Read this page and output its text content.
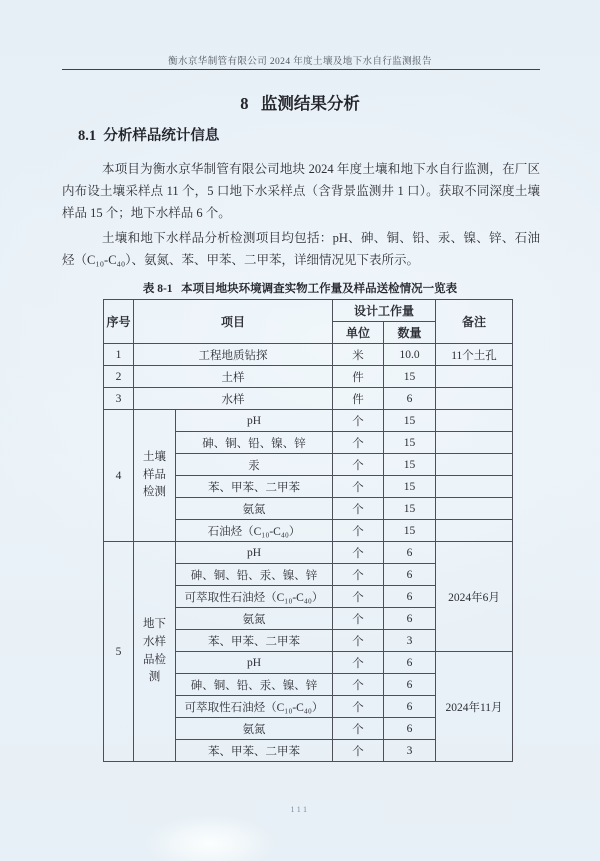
衡水京华制管有限公司 2024 年度土壤及地下水自行监测报告
8   监测结果分析
8.1  分析样品统计信息

本项目为衡水京华制管有限公司地块 2024 年度土壤和地下水自行监测，在厂区内布设土壤采样点 11 个，5 口地下水采样点（含背景监测井 1 口）。获取不同深度土壤样品 15 个；地下水样品 6 个。

土壤和地下水样品分析检测项目均包括：pH、砷、铜、铅、汞、镍、锌、石油烃（C₁₀-C₄₀）、氨氮、苯、甲苯、二甲苯，详细情况见下表所示。

表 8-1   本项目地块环境调查实物工作量及样品送检情况一览表
序号	项目		设计工作量		备注
			单位	数量	
1	工程地质钻探		米	10.0	11个土孔
2	土样		件	15	
3	水样		件	6	
4	土壤样品检测	pH	个	15	
		砷、铜、铅、镍、锌	个	15	
		汞	个	15	
		苯、甲苯、二甲苯	个	15	
		氨氮	个	15	
		石油烃（C₁₀-C₄₀）	个	15	
5	地下水样品检测	pH	个	6	2024年6月
		砷、铜、铅、汞、镍、锌	个	6	
		可萃取性石油烃（C₁₀-C₄₀）	个	6	
		氨氮	个	6	
		苯、甲苯、二甲苯	个	3	
		pH	个	6	2024年11月
		砷、铜、铅、汞、镍、锌	个	6	
		可萃取性石油烃（C₁₀-C₄₀）	个	6	
		氨氮	个	6	
		苯、甲苯、二甲苯	个	3	
111
